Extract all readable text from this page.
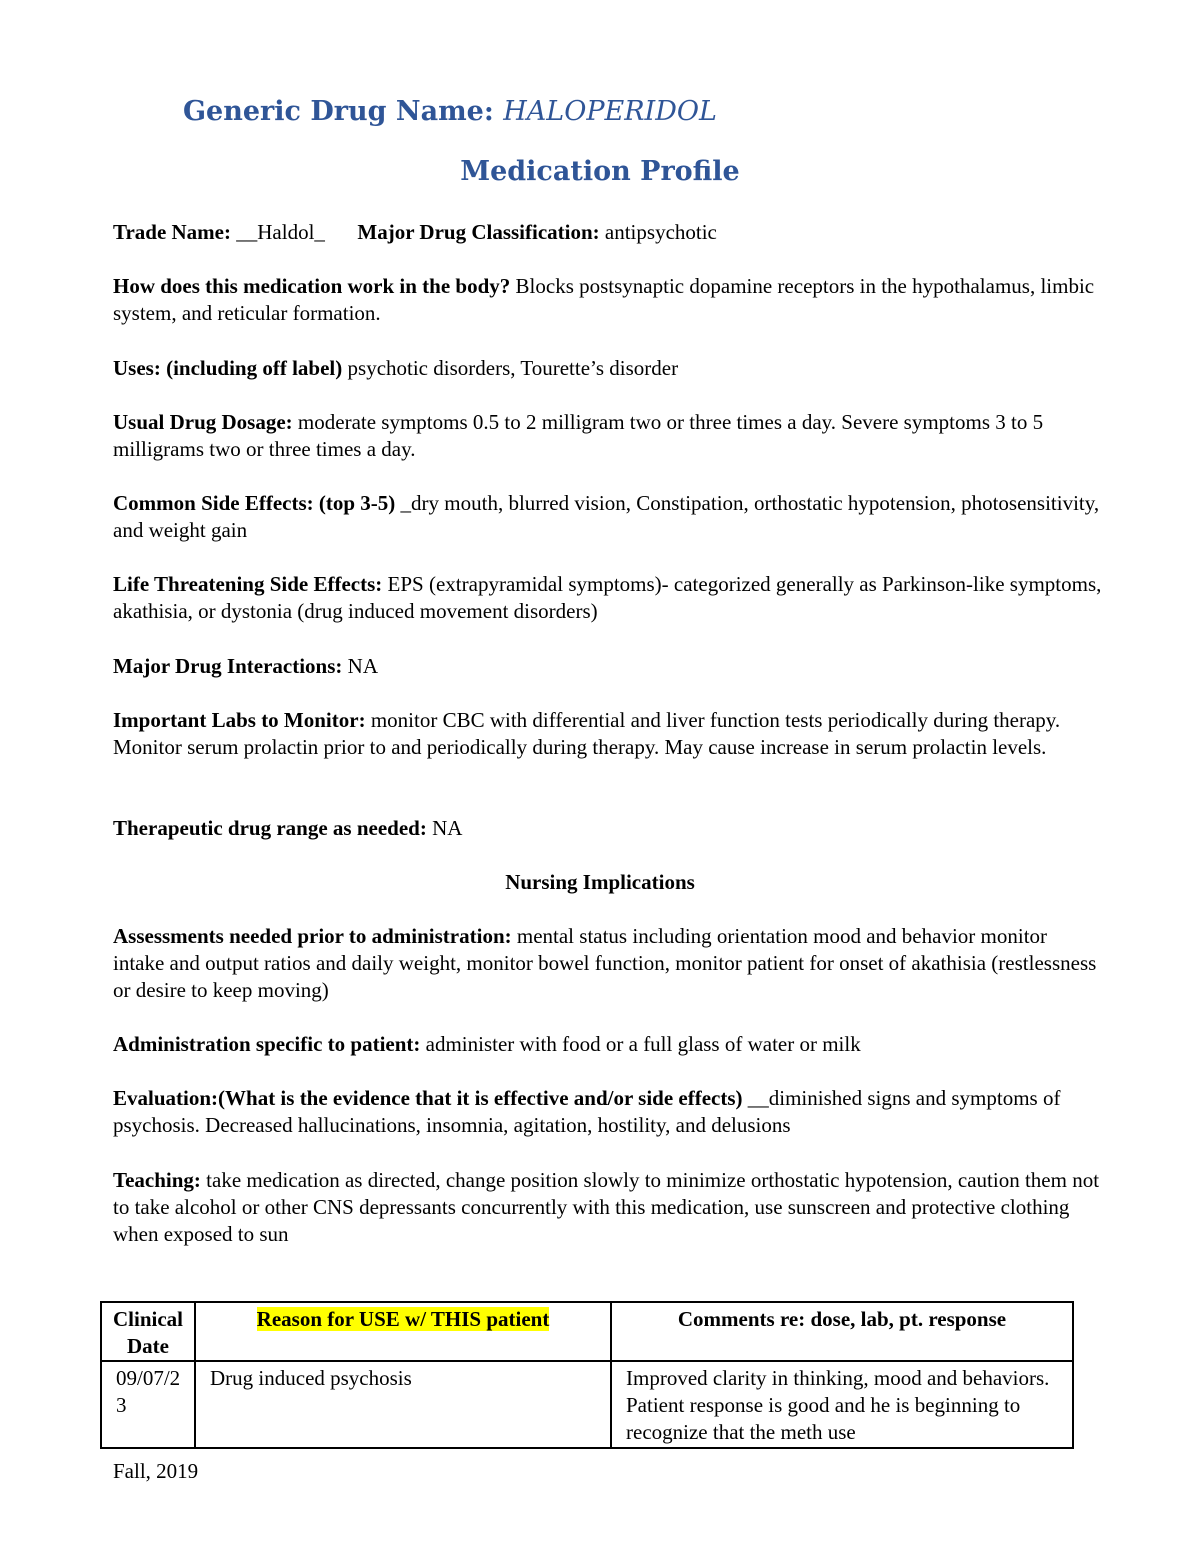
Generic Drug Name: HALOPERIDOL
Medication Profile
Trade Name: __Haldol_ Major Drug Classification: antipsychotic
How does this medication work in the body? Blocks postsynaptic dopamine receptors in the hypothalamus, limbic system, and reticular formation.
Uses: (including off label) psychotic disorders, Tourette’s disorder
Usual Drug Dosage: moderate symptoms 0.5 to 2 milligram two or three times a day. Severe symptoms 3 to 5 milligrams two or three times a day.
Common Side Effects: (top 3-5) _dry mouth, blurred vision, Constipation, orthostatic hypotension, photosensitivity, and weight gain
Life Threatening Side Effects: EPS (extrapyramidal symptoms)- categorized generally as Parkinson-like symptoms, akathisia, or dystonia (drug induced movement disorders)
Major Drug Interactions: NA
Important Labs to Monitor: monitor CBC with differential and liver function tests periodically during therapy. Monitor serum prolactin prior to and periodically during therapy. May cause increase in serum prolactin levels.
Therapeutic drug range as needed: NA
Nursing Implications
Assessments needed prior to administration: mental status including orientation mood and behavior monitor intake and output ratios and daily weight, monitor bowel function, monitor patient for onset of akathisia (restlessness or desire to keep moving)
Administration specific to patient: administer with food or a full glass of water or milk
Evaluation:(What is the evidence that it is effective and/or side effects) __diminished signs and symptoms of psychosis. Decreased hallucinations, insomnia, agitation, hostility, and delusions
Teaching: take medication as directed, change position slowly to minimize orthostatic hypotension, caution them not to take alcohol or other CNS depressants concurrently with this medication, use sunscreen and protective clothing when exposed to sun
Clinical Date	Reason for USE w/ THIS patient	Comments re: dose, lab, pt. response

09/07/23	Drug induced psychosis	Improved clarity in thinking, mood and behaviors. Patient response is good and he is beginning to recognize that the meth use
Fall, 2019
